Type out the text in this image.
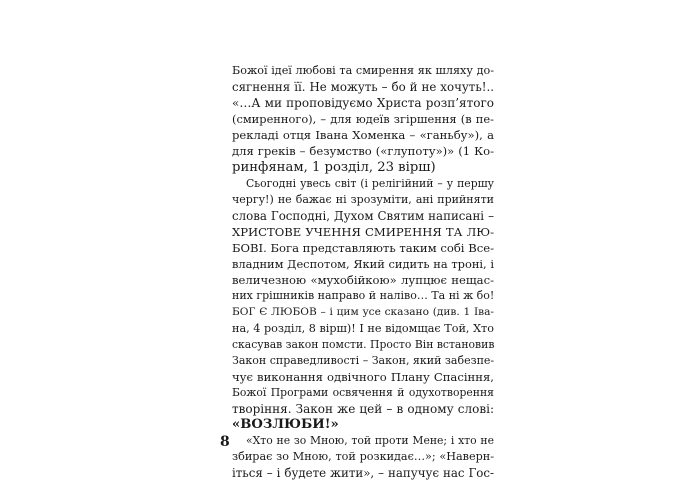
Божої ідеї любові та смирення як шляху до-
сягнення її. Не можуть – бо й не хочуть!..
«…А ми проповідуємо Христа розп’ятого
(смиренного), – для юдеїв згіршення (в пе-
рекладі отця Івана Хоменка – «ганьбу»), а
для греків – безумство («глупоту»)» (1 Ко-
ринфянам, 1 розділ, 23 вірш)
Сьогодні увесь світ (і релігійний – у першу
чергу!) не бажає ні зрозуміти, ані прийняти
слова Господні, Духом Святим написані –
ХРИСТОВЕ УЧЕННЯ СМИРЕННЯ ТА ЛЮ-
БОВІ. Бога представляють таким собі Все-
владним Деспотом, Який сидить на троні, і
величезною «мухобійкою» лупцює нещас-
них грішників направо й наліво… Та ні ж бо!
БОГ Є ЛЮБОВ – і цим усе сказано (див. 1 Іва-
на, 4 розділ, 8 вірш)! І не відомщає Той, Хто
скасував закон помсти. Просто Він встановив
Закон справедливості – Закон, який забезпе-
чує виконання одвічного Плану Спасіння,
Божої Програми освячення й одухотворення
творіння. Закон же цей – в одному слові:
«ВОЗЛЮБИ!»
«Хто не зо Мною, той проти Мене; і хто не
збирає зо Мною, той розкидає…»; «Наверн-
іться – і будете жити», – напучує нас Гос-
8
